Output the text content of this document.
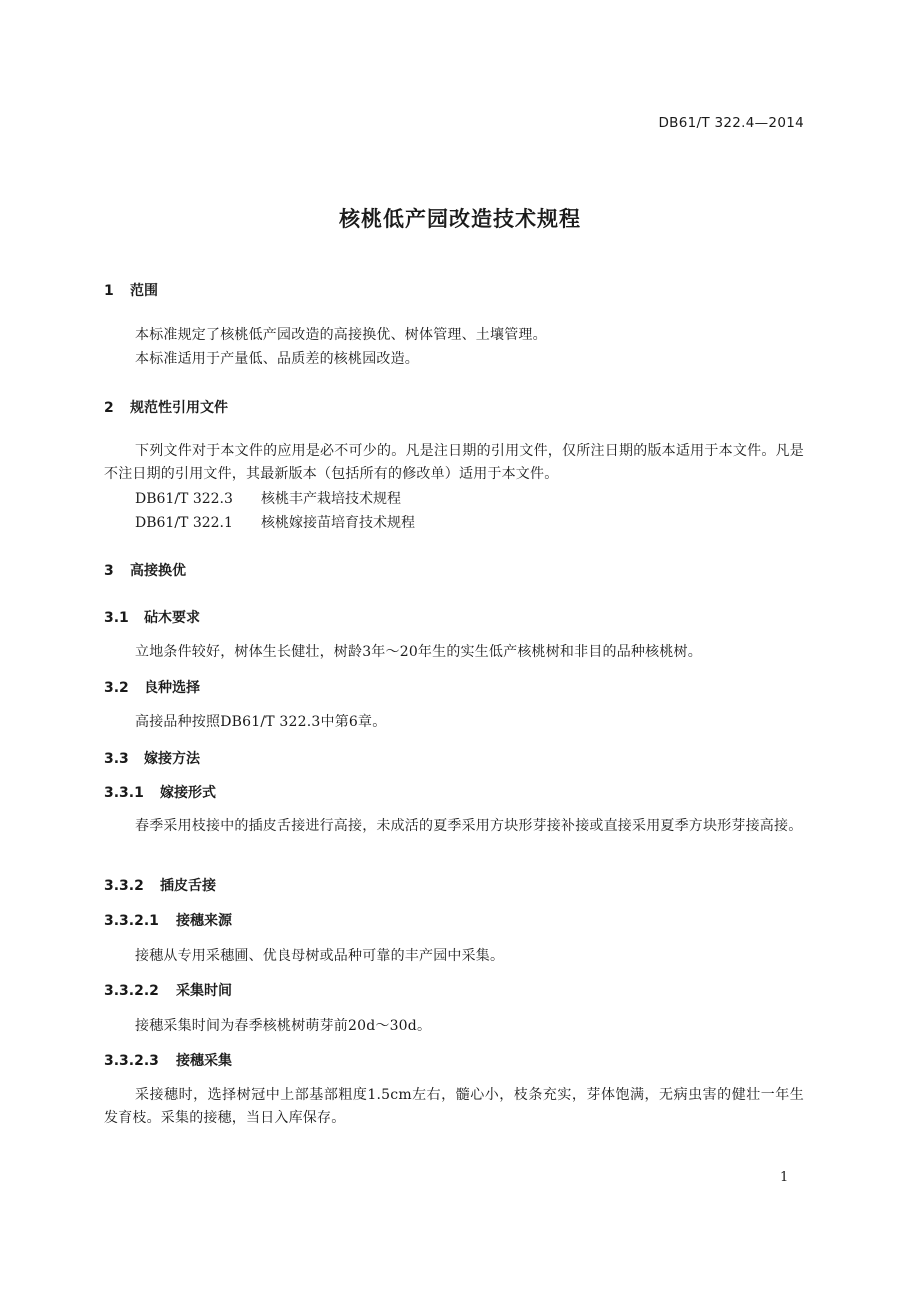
DB61/T 322.4—2014
核桃低产园改造技术规程
1 范围
本标准规定了核桃低产园改造的高接换优、树体管理、土壤管理。
本标准适用于产量低、品质差的核桃园改造。
2 规范性引用文件
下列文件对于本文件的应用是必不可少的。凡是注日期的引用文件，仅所注日期的版本适用于本文件。凡是不注日期的引用文件，其最新版本（包括所有的修改单）适用于本文件。
DB61/T 322.3 核桃丰产栽培技术规程
DB61/T 322.1 核桃嫁接苗培育技术规程
3 高接换优
3.1 砧木要求
立地条件较好，树体生长健壮，树龄3年～20年生的实生低产核桃树和非目的品种核桃树。
3.2 良种选择
高接品种按照DB61/T 322.3中第6章。
3.3 嫁接方法
3.3.1 嫁接形式
春季采用枝接中的插皮舌接进行高接，未成活的夏季采用方块形芽接补接或直接采用夏季方块形芽接高接。
3.3.2 插皮舌接
3.3.2.1 接穗来源
接穗从专用采穗圃、优良母树或品种可靠的丰产园中采集。
3.3.2.2 采集时间
接穗采集时间为春季核桃树萌芽前20d～30d。
3.3.2.3 接穗采集
采接穗时，选择树冠中上部基部粗度1.5cm左右，髓心小，枝条充实，芽体饱满，无病虫害的健壮一年生发育枝。采集的接穗，当日入库保存。
1
